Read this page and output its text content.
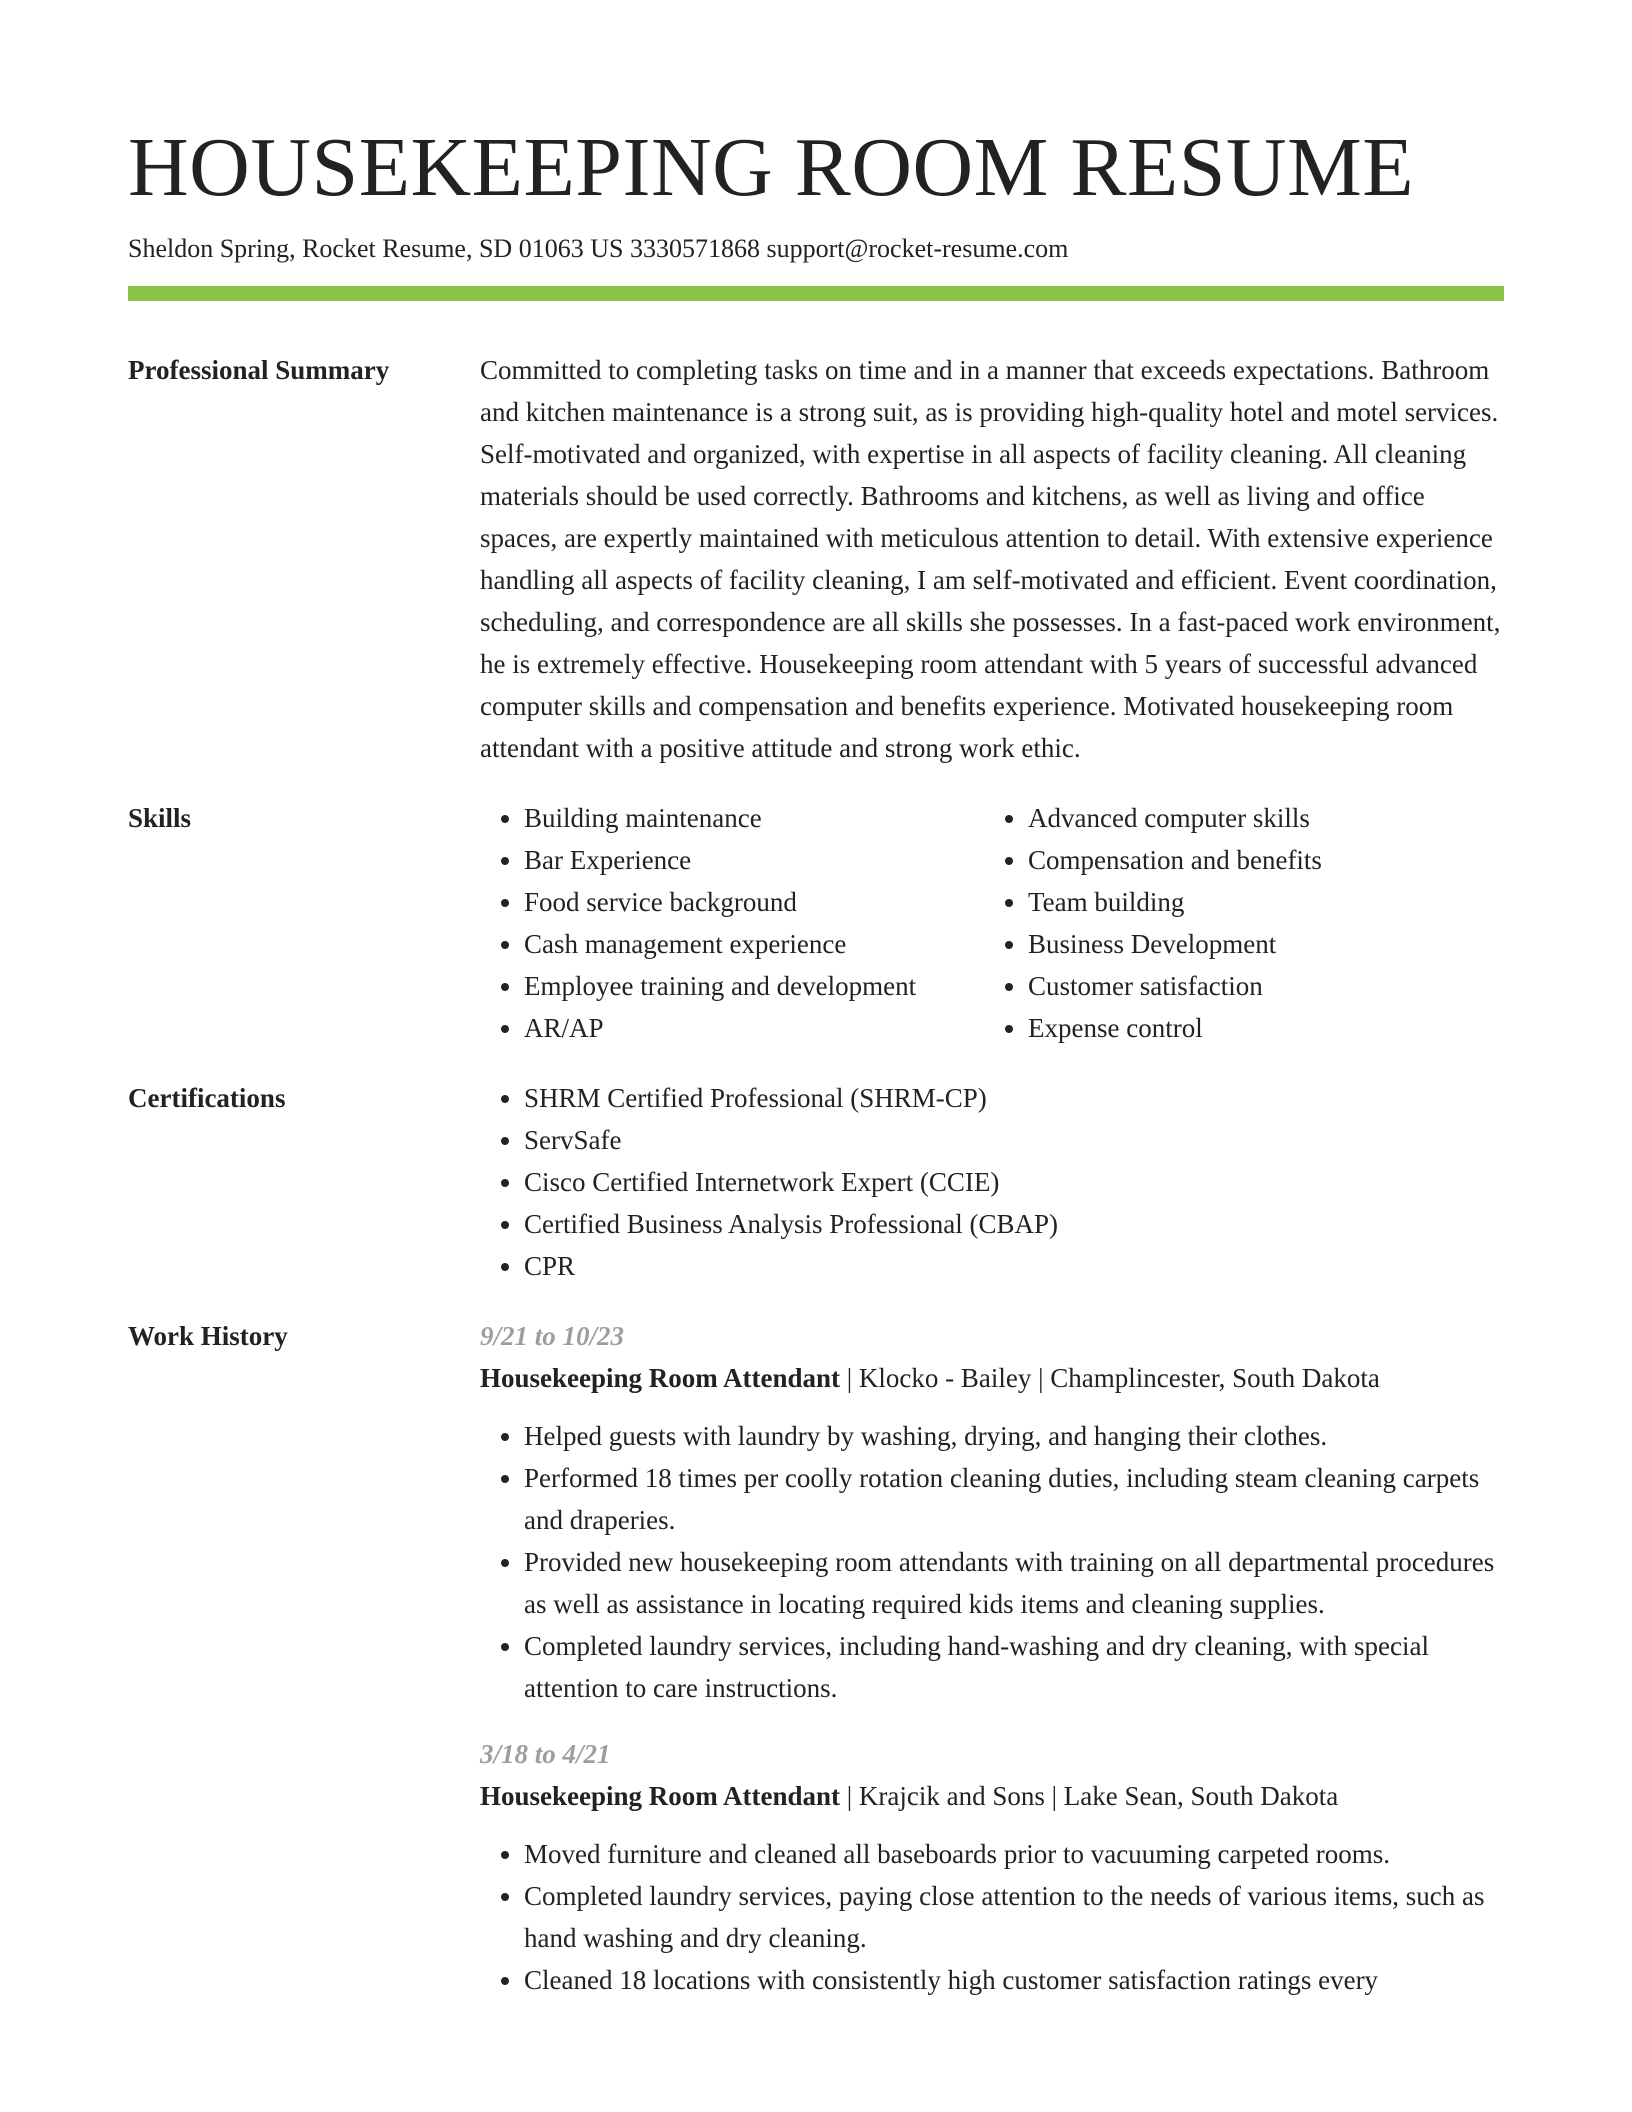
HOUSEKEEPING ROOM RESUME
Sheldon Spring, Rocket Resume, SD 01063 US 3330571868 support@rocket-resume.com
Professional Summary	Committed to completing tasks on time and in a manner that exceeds expectations. Bathroom and kitchen maintenance is a strong suit, as is providing high-quality hotel and motel services. Self-motivated and organized, with expertise in all aspects of facility cleaning. All cleaning materials should be used correctly. Bathrooms and kitchens, as well as living and office spaces, are expertly maintained with meticulous attention to detail. With extensive experience handling all aspects of facility cleaning, I am self-motivated and efficient. Event coordination, scheduling, and correspondence are all skills she possesses. In a fast-paced work environment, he is extremely effective. Housekeeping room attendant with 5 years of successful advanced computer skills and compensation and benefits experience. Motivated housekeeping room attendant with a positive attitude and strong work ethic.

Skills	• Building maintenance
• Bar Experience
• Food service background
• Cash management experience
• Employee training and development
• AR/AP
• Advanced computer skills
• Compensation and benefits
• Team building
• Business Development
• Customer satisfaction
• Expense control
Certifications	• SHRM Certified Professional (SHRM-CP)
• ServSafe
• Cisco Certified Internetwork Expert (CCIE)
• Certified Business Analysis Professional (CBAP)
• CPR
Work History	9/21 to 10/23
Housekeeping Room Attendant | Klocko - Bailey | Champlincester, South Dakota
• Helped guests with laundry by washing, drying, and hanging their clothes.
• Performed 18 times per coolly rotation cleaning duties, including steam cleaning carpets and draperies.
• Provided new housekeeping room attendants with training on all departmental procedures as well as assistance in locating required kids items and cleaning supplies.
• Completed laundry services, including hand-washing and dry cleaning, with special attention to care instructions.
3/18 to 4/21
Housekeeping Room Attendant | Krajcik and Sons | Lake Sean, South Dakota
• Moved furniture and cleaned all baseboards prior to vacuuming carpeted rooms.
• Completed laundry services, paying close attention to the needs of various items, such as hand washing and dry cleaning.
• Cleaned 18 locations with consistently high customer satisfaction ratings every
